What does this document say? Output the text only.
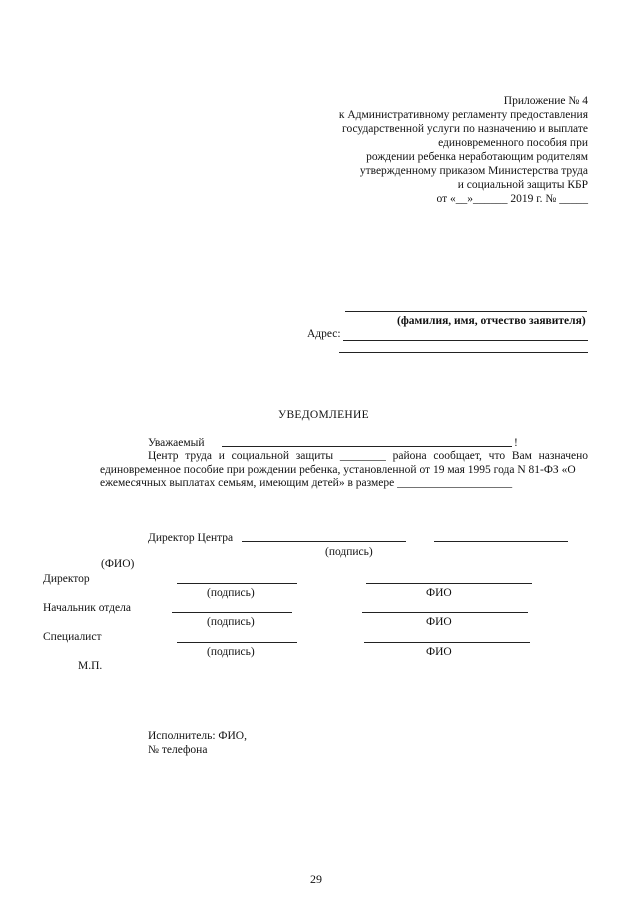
Приложение № 4
к Административному регламенту предоставления
государственной услуги по назначению и выплате
единовременного пособия при
рождении ребенка неработающим родителям
утвержденному приказом Министерства труда
и социальной защиты КБР
от «__»______ 2019 г. № _____
(фамилия, имя, отчество заявителя)
Адрес:
УВЕДОМЛЕНИЕ
Уважаемый	!
Центр труда и социальной защиты ________ района сообщает, что Вам назначено
единовременное пособие при рождении ребенка, установленной от 19 мая 1995 года N 81-ФЗ «О
ежемесячных выплатах семьям, имеющим детей» в размере ____________________
Директор Центра
(подпись)
(ФИО)
Директор
(подпись)	ФИО
Начальник отдела
(подпись)	ФИО
Специалист
(подпись)	ФИО
М.П.
Исполнитель: ФИО,
№ телефона
29
